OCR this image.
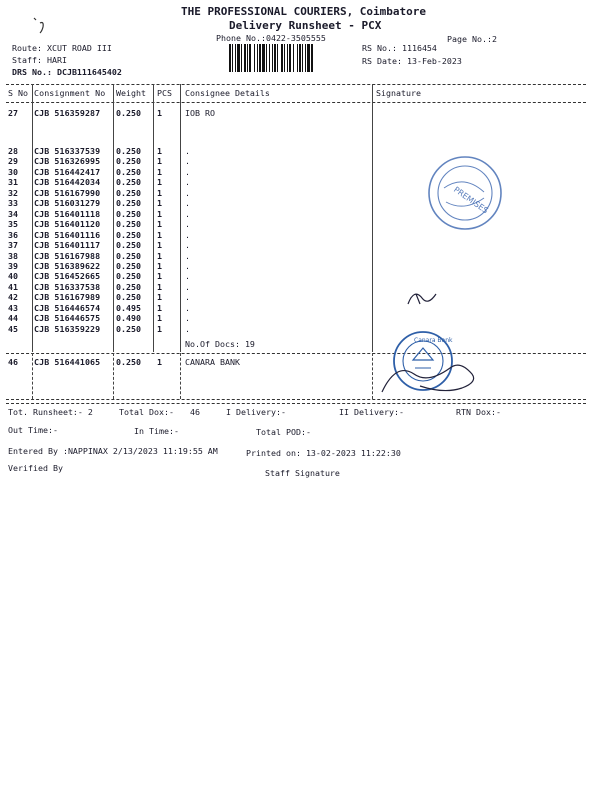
THE PROFESSIONAL COURIERS, Coimbatore
Delivery Runsheet - PCX
Phone No.:0422-3505555	Page No.:2
Route: XCUT ROAD III
Staff: HARI
DRS No.: DCJB111645402
RS No.: 1116454
RS Date: 13-Feb-2023
S No Consignment No Weight PCS Consignee Details	Signature
27 CJB 516359287 0.250 1	IOB RO
28 CJB 516337539 0.250 1	.
29 CJB 516326995 0.250 1	.
30 CJB 516442417 0.250 1	.
31 CJB 516442034 0.250 1	.
32 CJB 516167990 0.250 1	.
33 CJB 516031279 0.250 1	.
34 CJB 516401118 0.250 1	.
35 CJB 516401120 0.250 1	.
36 CJB 516401116 0.250 1	.
37 CJB 516401117 0.250 1	.
38 CJB 516167988 0.250 1	.
39 CJB 516389622 0.250 1	.
40 CJB 516452665 0.250 1	.
41 CJB 516337538 0.250 1	.
42 CJB 516167989 0.250 1	.
43 CJB 516446574 0.495 1	.
44 CJB 516446575 0.490 1	.
45 CJB 516359229 0.250 1	.
No.Of Docs: 19
46 CJB 516441065 0.250 1	CANARA BANK
Tot. Runsheet:- 2	Total Dox:- 46	I Delivery:-	II Delivery:-	RTN Dox:-
Out Time:-	In Time:-	Total POD:-
Entered By :NAPPINAX 2/13/2023 11:19:55 AM	Printed on: 13-02-2023 11:22:30
Verified By	Staff Signature
PREMISES
Canara Bank
